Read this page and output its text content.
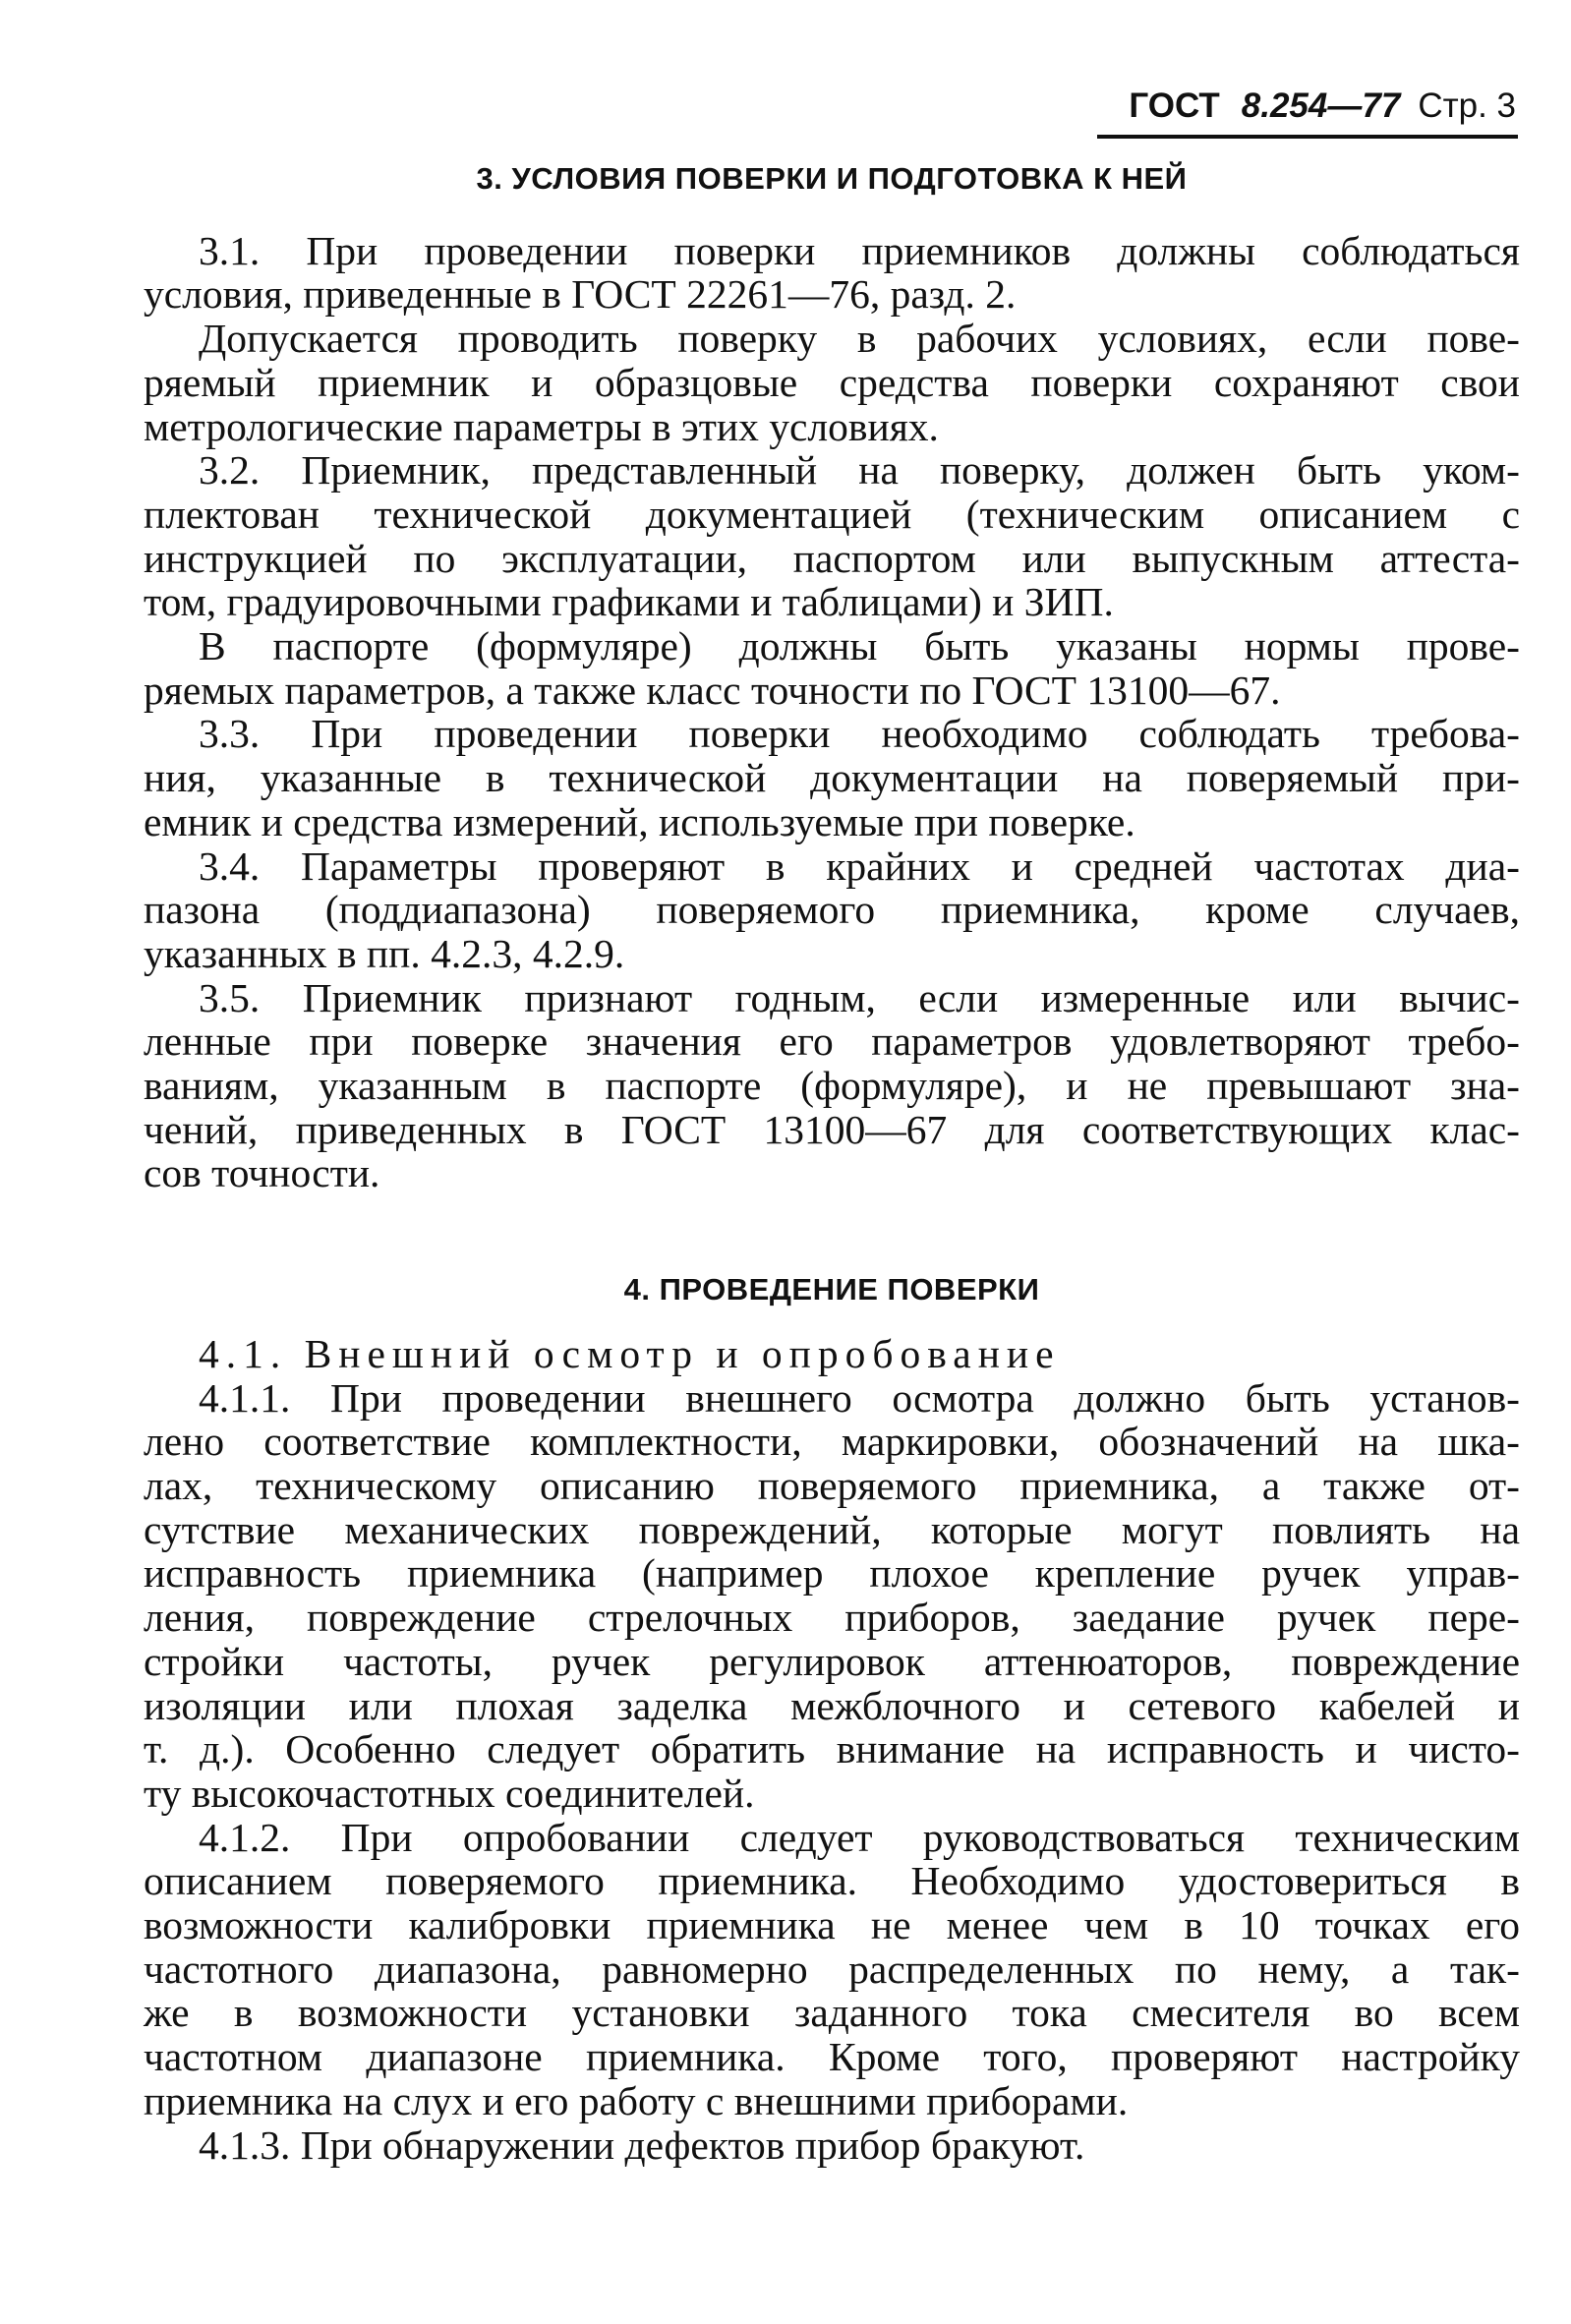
ГОСТ 8.254—77 Стр. 3
3. УСЛОВИЯ ПОВЕРКИ И ПОДГОТОВКА К НЕЙ
3.1. При проведении поверки приемников должны соблюдаться
условия, приведенные в ГОСТ 22261—76, разд. 2.
Допускается проводить поверку в рабочих условиях, если пове-
ряемый приемник и образцовые средства поверки сохраняют свои
метрологические параметры в этих условиях.
3.2. Приемник, представленный на поверку, должен быть уком-
плектован технической документацией (техническим описанием с
инструкцией по эксплуатации, паспортом или выпускным аттеста-
том, градуировочными графиками и таблицами) и ЗИП.
В паспорте (формуляре) должны быть указаны нормы прове-
ряемых параметров, а также класс точности по ГОСТ 13100—67.
3.3. При проведении поверки необходимо соблюдать требова-
ния, указанные в технической документации на поверяемый при-
емник и средства измерений, используемые при поверке.
3.4. Параметры проверяют в крайних и средней частотах диа-
пазона (поддиапазона) поверяемого приемника, кроме случаев,
указанных в пп. 4.2.3, 4.2.9.
3.5. Приемник признают годным, если измеренные или вычис-
ленные при поверке значения его параметров удовлетворяют требо-
ваниям, указанным в паспорте (формуляре), и не превышают зна-
чений, приведенных в ГОСТ 13100—67 для соответствующих клас-
сов точности.
4. ПРОВЕДЕНИЕ ПОВЕРКИ
4.1. Внешний осмотр и опробование
4.1.1. При проведении внешнего осмотра должно быть установ-
лено соответствие комплектности, маркировки, обозначений на шка-
лах, техническому описанию поверяемого приемника, а также от-
сутствие механических повреждений, которые могут повлиять на
исправность приемника (например плохое крепление ручек управ-
ления, повреждение стрелочных приборов, заедание ручек пере-
стройки частоты, ручек регулировок аттенюаторов, повреждение
изоляции или плохая заделка межблочного и сетевого кабелей и
т. д.). Особенно следует обратить внимание на исправность и чисто-
ту высокочастотных соединителей.
4.1.2. При опробовании следует руководствоваться техническим
описанием поверяемого приемника. Необходимо удостовериться в
возможности калибровки приемника не менее чем в 10 точках его
частотного диапазона, равномерно распределенных по нему, а так-
же в возможности установки заданного тока смесителя во всем
частотном диапазоне приемника. Кроме того, проверяют настройку
приемника на слух и его работу с внешними приборами.
4.1.3. При обнаружении дефектов прибор бракуют.
